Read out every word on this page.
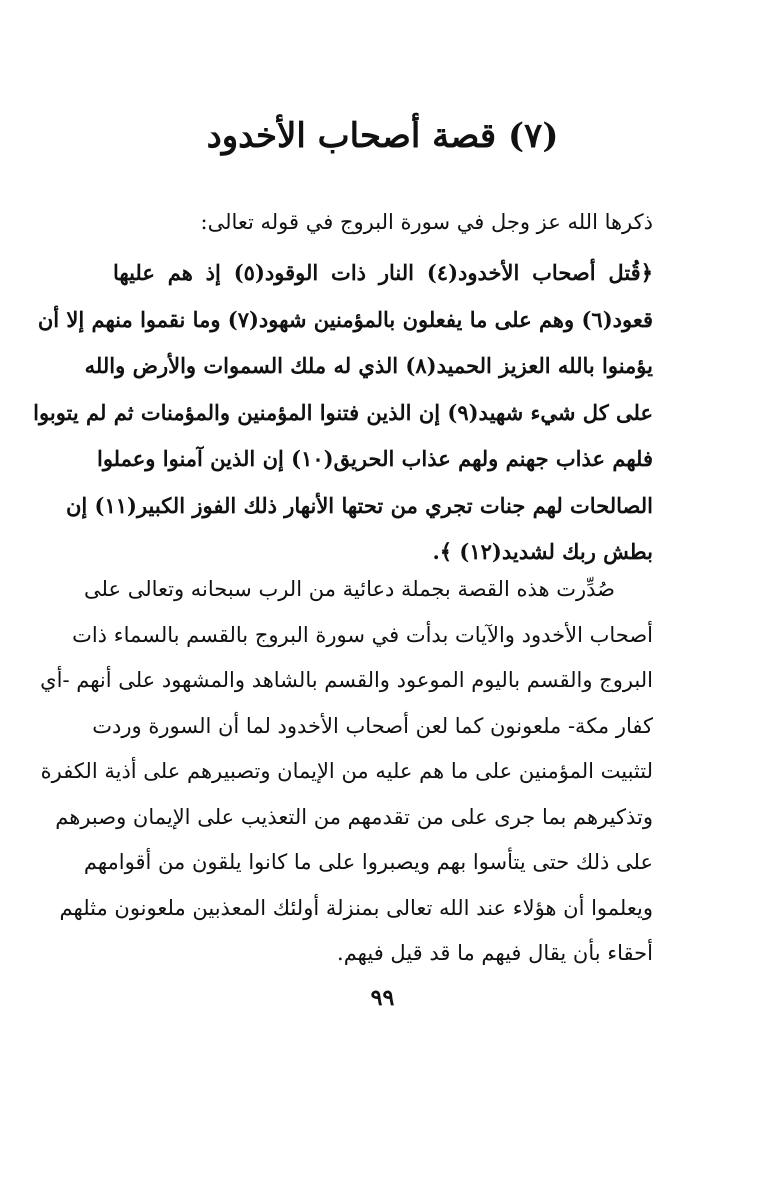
(٧) قصة أصحاب الأخدود

ذكرها الله عز وجل في سورة البروج في قوله تعالى:

﴿قُتل أصحاب الأخدود(٤) النار ذات الوقود(٥) إذ هم عليها
قعود(٦) وهم على ما يفعلون بالمؤمنين شهود(٧) وما نقموا منهم إلا أن
يؤمنوا بالله العزيز الحميد(٨) الذي له ملك السموات والأرض والله
على كل شيء شهيد(٩) إن الذين فتنوا المؤمنين والمؤمنات ثم لم يتوبوا
فلهم عذاب جهنم ولهم عذاب الحريق(١٠) إن الذين آمنوا وعملوا
الصالحات لهم جنات تجري من تحتها الأنهار ذلك الفوز الكبير(١١) إن
بطش ربك لشديد(١٢) ﴾.
صُدِّرت هذه القصة بجملة دعائية من الرب سبحانه وتعالى على
أصحاب الأخدود والآيات بدأت في سورة البروج بالقسم بالسماء ذات
البروج والقسم باليوم الموعود والقسم بالشاهد والمشهود على أنهم -أي
كفار مكة- ملعونون كما لعن أصحاب الأخدود لما أن السورة وردت
لتثبيت المؤمنين على ما هم عليه من الإيمان وتصبيرهم على أذية الكفرة
وتذكيرهم بما جرى على من تقدمهم من التعذيب على الإيمان وصبرهم
على ذلك حتى يتأسوا بهم ويصبروا على ما كانوا يلقون من أقوامهم
ويعلموا أن هؤلاء عند الله تعالى بمنزلة أولئك المعذبين ملعونون مثلهم
أحقاء بأن يقال فيهم ما قد قيل فيهم.
٩٩
